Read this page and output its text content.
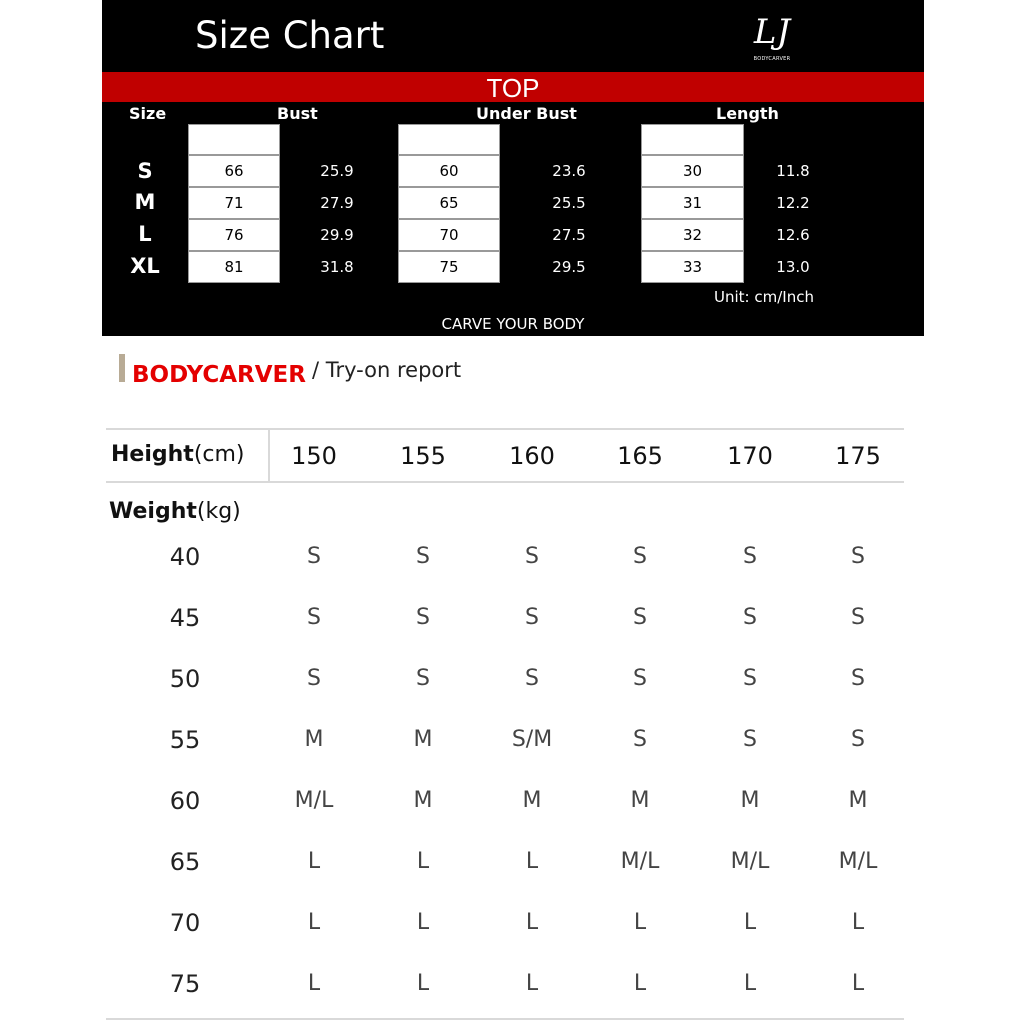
Size Chart	LJ
BODYCARVER
TOP
Size	Bust	Under Bust	Length
S	66	25.9	60	23.6	30	11.8
M	71	27.9	65	25.5	31	12.2
L	76	29.9	70	27.5	32	12.6
XL	81	31.8	75	29.5	33	13.0
Unit: cm/Inch
CARVE YOUR BODY
BODYCARVER / Try-on report
Height(cm)
Weight(kg)
150	155	160	165	170	175
40	S	S	S	S	S	S
45	S	S	S	S	S	S
50	S	S	S	S	S	S
55	M	M	S/M	S	S	S
60	M/L	M	M	M	M	M
65	L	L	L	M/L	M/L	M/L
70	L	L	L	L	L	L
75	L	L	L	L	L	L
